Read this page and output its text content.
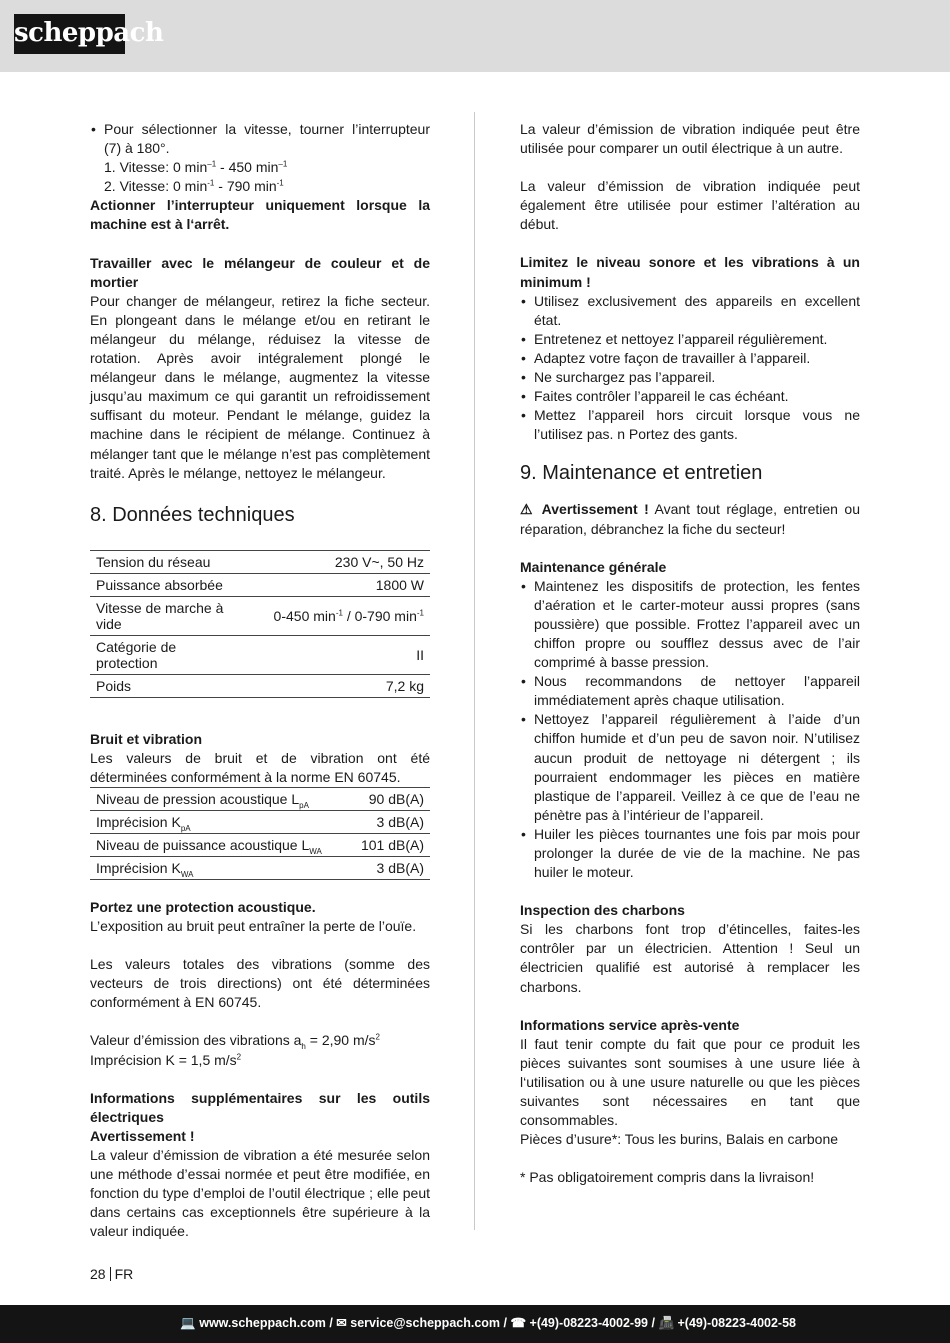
scheppach
• Pour sélectionner la vitesse, tourner l’interrupteur (7) à 180°.
1. Vitesse: 0 $\min^{-1} - 450$ $\min^{-1}$
2. Vitesse: 0 $\min^{-1} - 790$ $\min^{-1}$

Actionner l’interrupteur uniquement lorsque la machine est à l‘arrêt.

Travailler avec le mélangeur de couleur et de mortier

Pour changer de mélangeur, retirez la fiche secteur. En plongeant dans le mélange et/ou en retirant le mélangeur du mélange, réduisez la vitesse de rotation. Après avoir intégralement plongé le mélangeur dans le mélange, augmentez la vitesse jusqu’au maximum ce qui garantit un refroidissement suffisant du moteur. Pendant le mélange, guidez la machine dans le récipient de mélange. Continuez à mélanger tant que le mélange n’est pas complètement traité. Après le mélange, nettoyez le mélangeur.

8. Données techniques
Tension du réseau	230 V~, 50 Hz
Puissance absorbée	1800 W
Vitesse de marche à vide	0-450 $\min^{-1} / 0-790$ $\min^{-1}$
Catégorie de protection	II
Poids	7,2 kg

Bruit et vibration

Les valeurs de bruit et de vibration ont été déterminées conformément à la norme EN 60745.

Niveau de pression acoustique $L_{pA}$	90 dB(A)
Imprécision $K_{pA}$	3 dB(A)
Niveau de puissance acoustique $L_{WA}$	101 dB(A)
Imprécision $K_{WA}$	3 dB(A)

Portez une protection acoustique.

L’exposition au bruit peut entraîner la perte de l’ouïe.

Les valeurs totales des vibrations (somme des vecteurs de trois directions) ont été déterminées conformément à EN 60745.

Valeur d’émission des vibrations $a_h = 2,90$ $m/s^2$

Imprécision K = 1,5 $m/s^2$

Informations supplémentaires sur les outils électriques

Avertissement !

La valeur d’émission de vibration a été mesurée selon une méthode d’essai normée et peut être modifiée, en fonction du type d’emploi de l’outil électrique ; elle peut dans certains cas exceptionnels être supérieure à la valeur indiquée.

La valeur d’émission de vibration indiquée peut être utilisée pour comparer un outil électrique à un autre.

La valeur d’émission de vibration indiquée peut également être utilisée pour estimer l’altération au début.

Limitez le niveau sonore et les vibrations à un minimum !

• Utilisez exclusivement des appareils en excellent état.
• Entretenez et nettoyez l’appareil régulièrement.
• Adaptez votre façon de travailler à l’appareil.
• Ne surchargez pas l’appareil.
• Faites contrôler l’appareil le cas échéant.
• Mettez l’appareil hors circuit lorsque vous ne l’utilisez pas. n Portez des gants.
9. Maintenance et entretien

⚠ Avertissement ! Avant tout réglage, entretien ou réparation, débranchez la fiche du secteur!

Maintenance générale

• Maintenez les dispositifs de protection, les fentes d’aération et le carter-moteur aussi propres (sans poussière) que possible. Frottez l’appareil avec un chiffon propre ou soufflez dessus avec de l’air comprimé à basse pression.
• Nous recommandons de nettoyer l’appareil immédiatement après chaque utilisation.
• Nettoyez l’appareil régulièrement à l’aide d’un chiffon humide et d’un peu de savon noir. N’utilisez aucun produit de nettoyage ni détergent ; ils pourraient endommager les pièces en matière plastique de l’appareil. Veillez à ce que de l’eau ne pénètre pas à l’intérieur de l’appareil.
• Huiler les pièces tournantes une fois par mois pour prolonger la durée de vie de la machine. Ne pas huiler le moteur.

Inspection des charbons

Si les charbons font trop d’étincelles, faites-les contrôler par un électricien. Attention ! Seul un électricien qualifié est autorisé à remplacer les charbons.

Informations service après-vente

Il faut tenir compte du fait que pour ce produit les pièces suivantes sont soumises à une usure liée à l‘utilisation ou à une usure naturelle ou que les pièces suivantes sont nécessaires en tant que consommables.

Pièces d’usure*: Tous les burins, Balais en carbone

* Pas obligatoirement compris dans la livraison!

28 FR
💻 www.scheppach.com / ✉ service@scheppach.com / ☎ +(49)-08223-4002-99 / 📠 +(49)-08223-4002-58
